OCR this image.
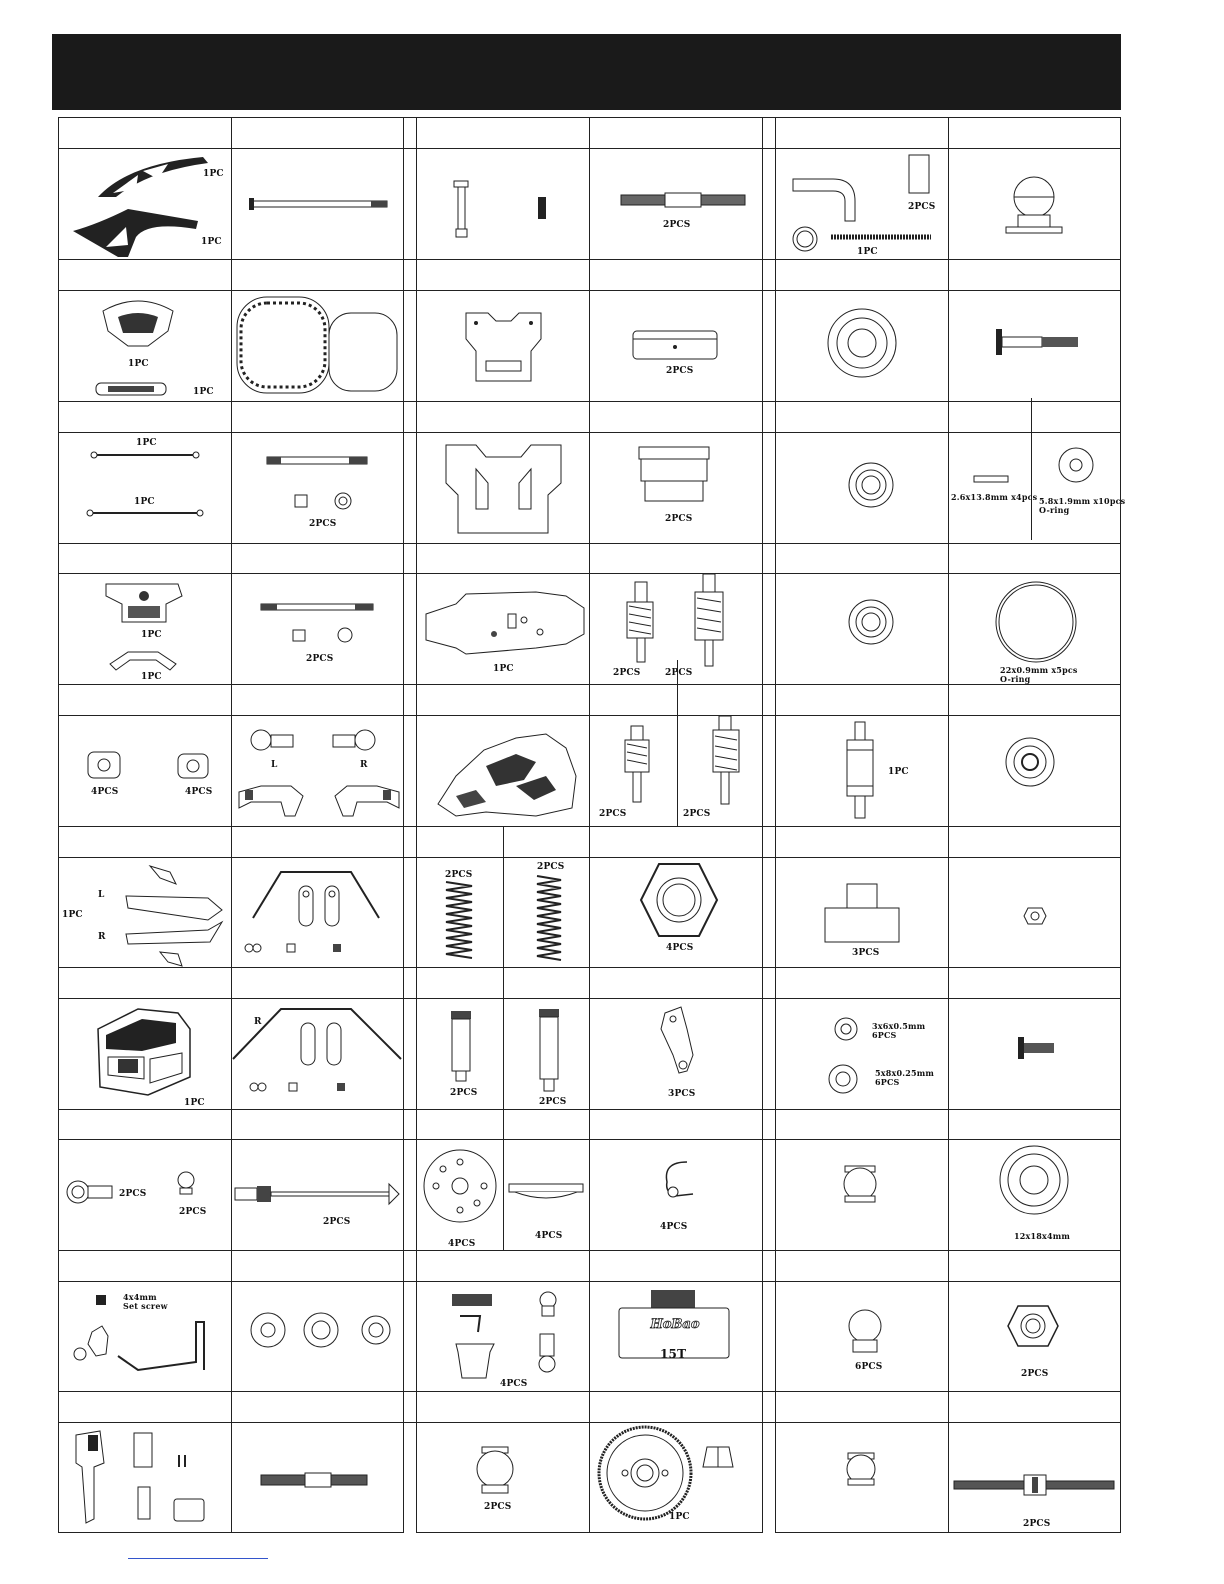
1PC
1PC
2PCS
2PCS
1PC
1PC
1PC
2PCS
1PC
1PC
2PCS	2PCS
2.6x13.8mm x4pcs 5.8x1.9mm x10pcs
O-ring
1PC
1PC
2PCS
1PC	2PCS	2PCS	22x0.9mm x5pcs
O-ring
4PCS	4PCS
L	R
2PCS	2PCS
1PC
L
1PC
R
2PCS
2PCS
4PCS	3PCS
1PC
R
2PCS
2PCS
3PCS
3x6x0.5mm
6PCS
5x8x0.25mm
6PCS
2PCS
2PCS
2PCS
4PCS
4PCS
4PCS
12x18x4mm
4x4mm
Set screw
4PCS
HoBao
15T
6PCS
2PCS
2PCS
1PC
2PCS
